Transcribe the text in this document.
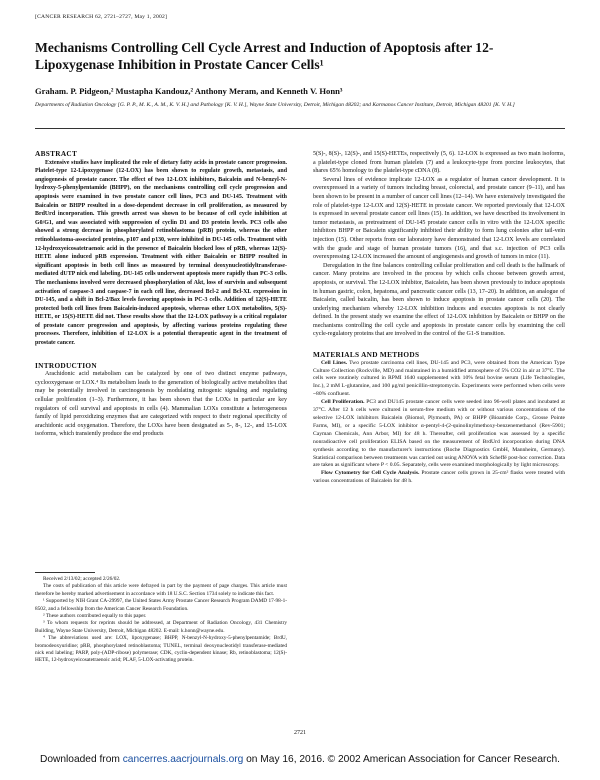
[CANCER RESEARCH 62, 2721–2727, May 1, 2002]
Mechanisms Controlling Cell Cycle Arrest and Induction of Apoptosis after 12-Lipoxygenase Inhibition in Prostate Cancer Cells¹
Graham. P. Pidgeon,² Mustapha Kandouz,² Anthony Meram, and Kenneth V. Honn³
Departments of Radiation Oncology [G. P. P., M. K., A. M., K. V. H.] and Pathology [K. V. H.], Wayne State University, Detroit, Michigan 48202; and Karmanos Cancer Institute, Detroit, Michigan 48201 [K. V. H.]

ABSTRACT

Extensive studies have implicated the role of dietary fatty acids in prostate cancer progression. Platelet-type 12-Lipoxygenase (12-LOX) has been shown to regulate growth, metastasis, and angiogenesis of prostate cancer. The effect of two 12-LOX inhibitors, Baicalein and N-benzyl-N-hydroxy-5-phenylpentamide (BHPP), on the mechanisms controlling cell cycle progression and apoptosis were examined in two prostate cancer cell lines, PC3 and DU-145. Treatment with Baicalein or BHPP resulted in a dose-dependent decrease in cell proliferation, as measured by BrdUrd incorporation. This growth arrest was shown to be because of cell cycle inhibition at G0/G1, and was associated with suppression of cyclin D1 and D3 protein levels. PC3 cells also showed a strong decrease in phosphorylated retinoblastoma (pRB) protein, whereas the other retinoblastoma-associated proteins, p107 and p130, were inhibited in DU-145 cells. Treatment with 12-hydroxyeicosatetraenoic acid in the presence of Baicalein blocked loss of pRB, whereas 12(S)-HETE alone induced pRB expression. Treatment with either Baicalein or BHPP resulted in significant apoptosis in both cell lines as measured by terminal deoxynucleotidyltransferase-mediated dUTP nick end labeling. DU-145 cells underwent apoptosis more rapidly than PC-3 cells. The mechanisms involved were decreased phosphorylation of Akt, loss of survivin and subsequent activation of caspase-3 and caspase-7 in each cell line, decreased Bcl-2 and Bcl-XL expression in DU-145, and a shift in Bcl-2/Bax levels favoring apoptosis in PC-3 cells. Addition of 12(S)-HETE protected both cell lines from Baicalein-induced apoptosis, whereas other LOX metabolites, 5(S)-HETE, or 15(S)-HETE did not. These results show that the 12-LOX pathway is a critical regulator of prostate cancer progression and apoptosis, by affecting various proteins regulating these processes. Therefore, inhibition of 12-LOX is a potential therapeutic agent in the treatment of prostate cancer.

INTRODUCTION

Arachidonic acid metabolism can be catalyzed by one of two distinct enzyme pathways, cyclooxygenase or LOX.⁴ Its metabolism leads to the generation of biologically active metabolites that may be potentially involved in carcinogenesis by modulating mitogenic signaling and regulating cellular proliferation (1–3). Furthermore, it has been shown that the LOXs in particular are key regulators of cell survival and apoptosis in cells (4). Mammalian LOXs constitute a heterogeneous family of lipid peroxidizing enzymes that are categorized with respect to their regional specificity of arachidonic acid oxygenation. Therefore, the LOXs have been designated as 5-, 8-, 12-, and 15-LOX isoforms, which transiently produce the end products

Received 2/13/02; accepted 2/26/02.

The costs of publication of this article were defrayed in part by the payment of page charges. This article must therefore be hereby marked advertisement in accordance with 18 U.S.C. Section 1734 solely to indicate this fact.

¹ Supported by NIH Grant CA-29997, the United States Army Prostate Cancer Research Program DAMD 17-98-1-8502, and a fellowship from the American Cancer Research Foundation.

² These authors contributed equally to this paper.

³ To whom requests for reprints should be addressed, at Department of Radiation Oncology, 431 Chemistry Building, Wayne State University, Detroit, Michigan 48202. E-mail: k.honn@wayne.edu.

⁴ The abbreviations used are: LOX, lipoxygenase; BHPP, N-benzyl-N-hydroxy-5-phenylpentamide; BrdU, bromodeoxyuridine; pRB, phosphorylated retinoblastoma; TUNEL, terminal deoxynucleotidyl transferase-mediated nick end labeling; PARP, poly-(ADP-ribose) polymerase; CDK, cyclin-dependent kinase; Rb, retinoblastoma; 12(S)-HETE, 12-hydroxyeicosatetraenoic acid; PLAF, 5-LOX-activating protein.

5(S)-, 8(S)-, 12(S)-, and 15(S)-HETEs, respectively (5, 6). 12-LOX is expressed as two main isoforms, a platelet-type cloned from human platelets (7) and a leukocyte-type from porcine leukocytes, that shares 65% homology to the platelet-type cDNA (8).

Several lines of evidence implicate 12-LOX as a regulator of human cancer development. It is overexpressed in a variety of tumors including breast, colorectal, and prostate cancer (9–11), and has been shown to be present in a number of cancer cell lines (12–14). We have extensively investigated the role of platelet-type 12-LOX and 12(S)-HETE in prostate cancer. We reported previously that 12-LOX is expressed in several prostate cancer cell lines (15). In addition, we have described its involvement in tumor metastasis, as pretreatment of DU-145 prostate cancer cells in vitro with the 12-LOX specific inhibitors BHPP or Baicalein significantly inhibited their ability to form lung colonies after tail-vein injection (15). Other reports from our laboratory have demonstrated that 12-LOX levels are correlated with the grade and stage of human prostate tumors (16), and that s.c. injection of PC3 cells overexpressing 12-LOX increased the amount of angiogenesis and growth of tumors in mice (11).

Deregulation in the fine balances controlling cellular proliferation and cell death is the hallmark of cancer. Many proteins are involved in the process by which cells choose between growth arrest, apoptosis, or survival. The 12-LOX inhibitor, Baicalein, has been shown previously to induce apoptosis in human gastric, colon, hepatoma, and pancreatic cancer cells (13, 17–20). In addition, an analogue of Baicalein, called baicalin, has been shown to induce apoptosis in prostate cancer cells (20). The underlying mechanism whereby 12-LOX inhibition induces and executes apoptosis is not clearly defined. In the present study we examine the effect of 12-LOX inhibition by Baicalein or BHPP on the mechanisms controlling the cell cycle and apoptosis in prostate cancer cells by examining the cell cycle-regulatory proteins that are involved in the control of the G1-S transition.

MATERIALS AND METHODS

Cell Lines. Two prostate carcinoma cell lines, DU-145 and PC3, were obtained from the American Type Culture Collection (Rockville, MD) and maintained in a humidified atmosphere of 5% CO2 in air at 37°C. The cells were routinely cultured in RPMI 1640 supplemented with 10% fetal bovine serum (Life Technologies, Inc.), 2 mM L-glutamine, and 100 μg/ml penicillin-streptomycin. Experiments were performed when cells were ~80% confluent.

Cell Proliferation. PC3 and DU145 prostate cancer cells were seeded into 96-well plates and incubated at 37°C. After 12 h cells were cultured in serum-free medium with or without various concentrations of the selective 12-LOX inhibitors Baicalein (Biomol, Plymouth, PA) or BHPP (Bioamide Corp., Grosse Pointe Farms, MI), or a specific 5-LOX inhibitor α-pentyl-4-(2-quinolinylmethoxy-benzenemethanol (Rev-5901; Cayman Chemicals, Ann Arbor, MI) for 48 h. Thereafter, cell proliferation was assessed by a specific nonradioactive cell proliferation ELISA based on the measurement of BrdUrd incorporation during DNA synthesis according to the manufacturer's instructions (Roche Diagnostics GmbH, Mannheim, Germany). Statistical comparison between treatments was carried out using ANOVA with Scheffé post-hoc correction. Data are taken as significant where P < 0.05. Separately, cells were examined morphologically by light microscopy.

Flow Cytometry for Cell Cycle Analysis. Prostate cancer cells grown in 25-cm² flasks were treated with various concentrations of Baicalein for 48 h.

2721
Downloaded from cancerres.aacrjournals.org on May 16, 2016. © 2002 American Association for Cancer Research.
